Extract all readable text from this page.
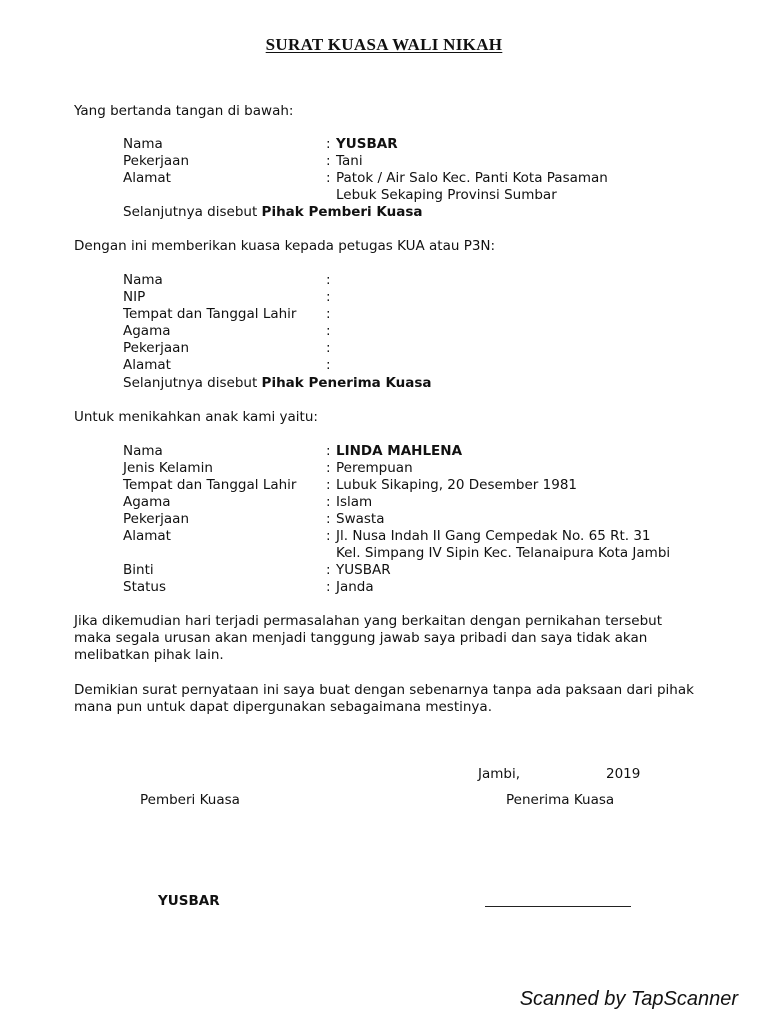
SURAT KUASA WALI NIKAH
Yang bertanda tangan di bawah:
Nama	: YUSBAR
Pekerjaan	: Tani
Alamat	: Patok / Air Salo Kec. Panti Kota Pasaman
Lebuk Sekaping Provinsi Sumbar
Selanjutnya disebut Pihak Pemberi Kuasa
Dengan ini memberikan kuasa kepada petugas KUA atau P3N:
Nama	:
NIP	:
Tempat dan Tanggal Lahir :
Agama	:
Pekerjaan	:
Alamat	:
Selanjutnya disebut Pihak Penerima Kuasa
Untuk menikahkan anak kami yaitu:
Nama	: LINDA MAHLENA
Jenis Kelamin	: Perempuan
Tempat dan Tanggal Lahir : Lubuk Sikaping, 20 Desember 1981
Agama	: Islam
Pekerjaan	: Swasta
Alamat	: Jl. Nusa Indah II Gang Cempedak No. 65 Rt. 31
Kel. Simpang IV Sipin Kec. Telanaipura Kota Jambi
Binti	: YUSBAR
Status	: Janda
Jika dikemudian hari terjadi permasalahan yang berkaitan dengan pernikahan tersebut maka segala urusan akan menjadi tanggung jawab saya pribadi dan saya tidak akan melibatkan pihak lain.
Demikian surat pernyataan ini saya buat dengan sebenarnya tanpa ada paksaan dari pihak mana pun untuk dapat dipergunakan sebagaimana mestinya.
Jambi,	2019
Pemberi Kuasa	Penerima Kuasa
YUSBAR
Scanned by TapScanner
